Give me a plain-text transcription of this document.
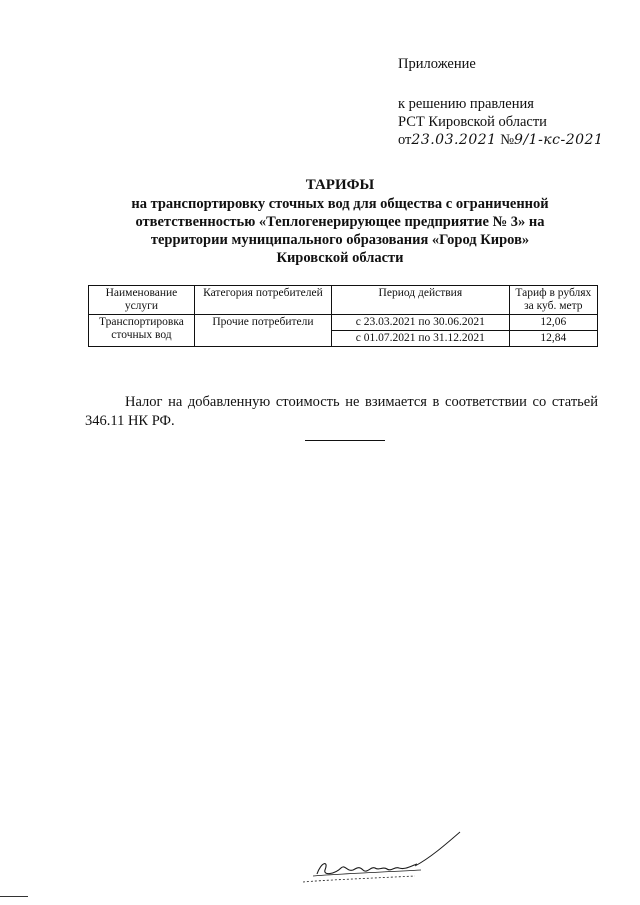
Приложение
к решению правления
РСТ Кировской области
от23.03.2021 №9/1-кс-2021
ТАРИФЫ
на транспортировку сточных вод для общества с ограниченной
ответственностью «Теплогенерирующее предприятие № 3» на
территории муниципального образования «Город Киров»
Кировской области
Наименование услуги	Категория потребителей	Период действия	Тариф в рублях за куб. метр
Транспортировка сточных вод	Прочие потребители	с 23.03.2021 по 30.06.2021	12,06
		с 01.07.2021 по 31.12.2021	12,84

Налог на добавленную стоимость не взимается в соответствии со статьей 346.11 НК РФ.
